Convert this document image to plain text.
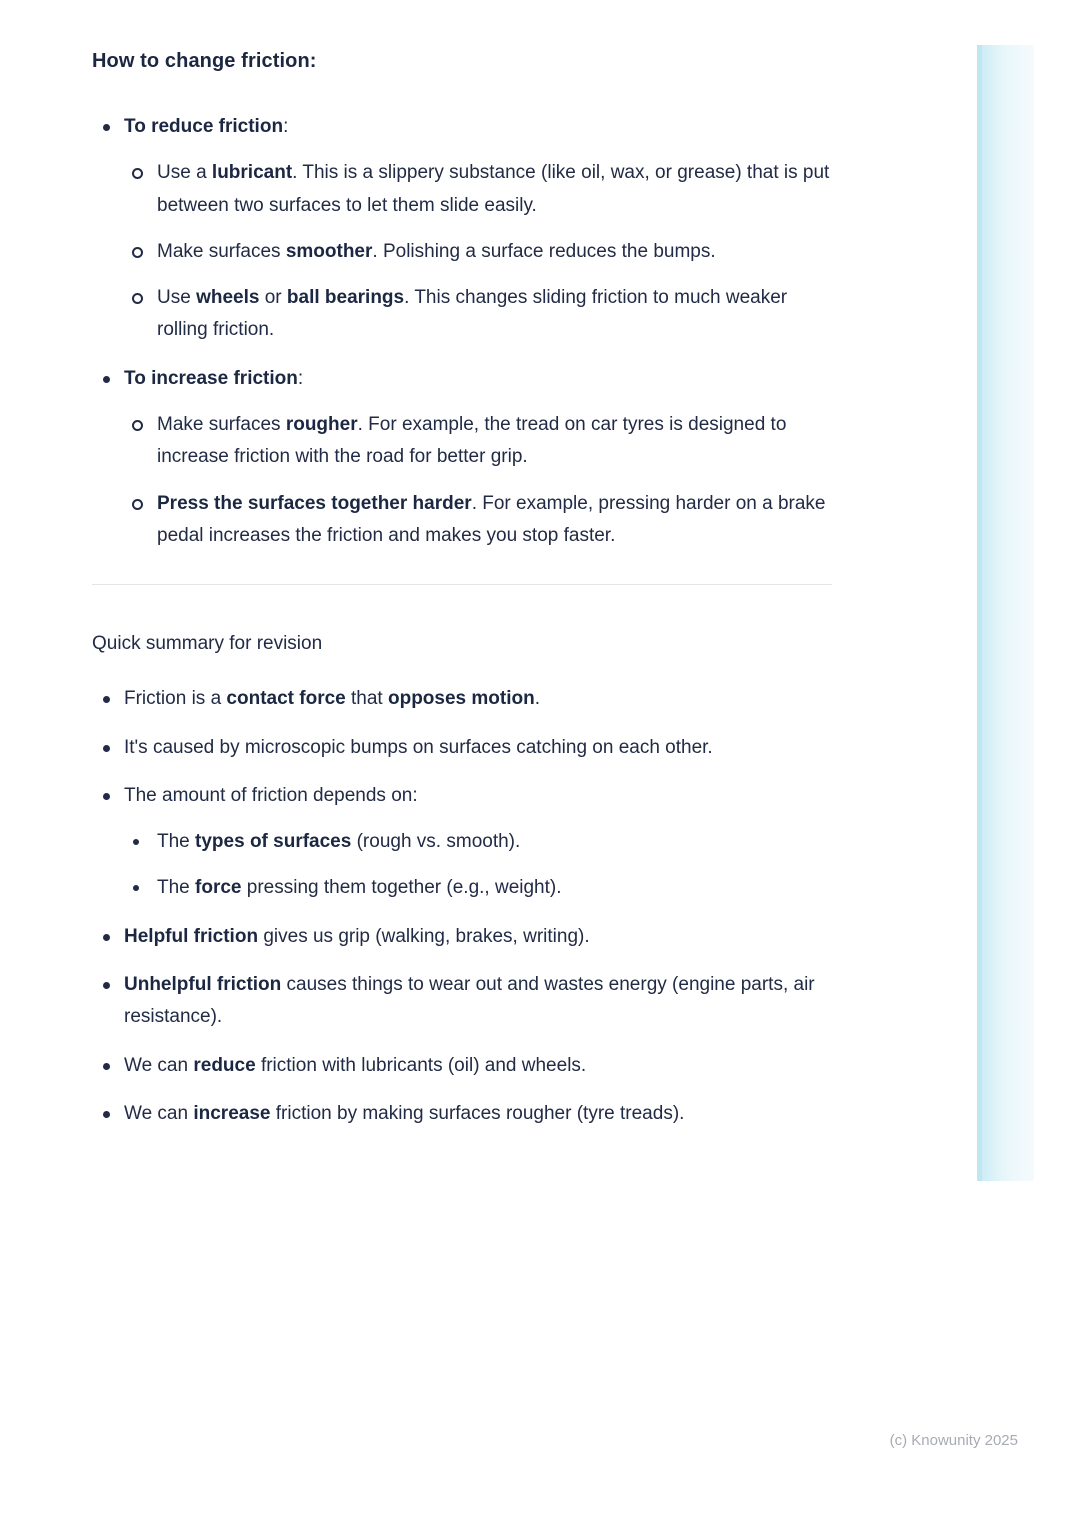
How to change friction:
To reduce friction:
Use a lubricant. This is a slippery substance (like oil, wax, or grease) that is put between two surfaces to let them slide easily.
Make surfaces smoother. Polishing a surface reduces the bumps.
Use wheels or ball bearings. This changes sliding friction to much weaker rolling friction.
To increase friction:
Make surfaces rougher. For example, the tread on car tyres is designed to increase friction with the road for better grip.
Press the surfaces together harder. For example, pressing harder on a brake pedal increases the friction and makes you stop faster.

Quick summary for revision

Friction is a contact force that opposes motion.
It's caused by microscopic bumps on surfaces catching on each other.
The amount of friction depends on:
The types of surfaces (rough vs. smooth).
The force pressing them together (e.g., weight).
Helpful friction gives us grip (walking, brakes, writing).
Unhelpful friction causes things to wear out and wastes energy (engine parts, air resistance).
We can reduce friction with lubricants (oil) and wheels.
We can increase friction by making surfaces rougher (tyre treads).
(c) Knowunity 2025
